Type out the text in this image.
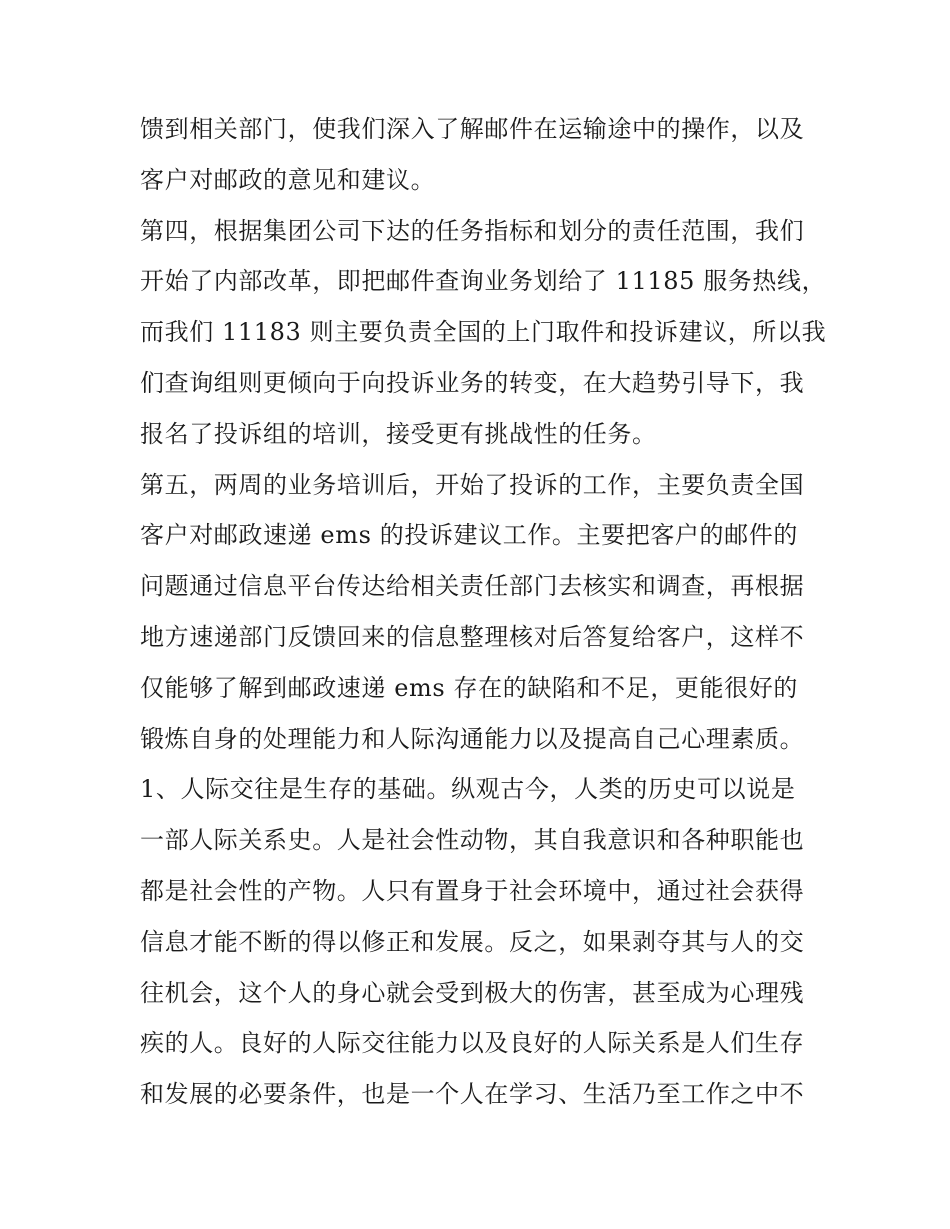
馈到相关部门，使我们深入了解邮件在运输途中的操作，以及
客户对邮政的意见和建议。
第四，根据集团公司下达的任务指标和划分的责任范围，我们
开始了内部改革，即把邮件查询业务划给了 11185 服务热线，
而我们 11183 则主要负责全国的上门取件和投诉建议，所以我
们查询组则更倾向于向投诉业务的转变，在大趋势引导下，我
报名了投诉组的培训，接受更有挑战性的任务。
第五，两周的业务培训后，开始了投诉的工作，主要负责全国
客户对邮政速递 ems 的投诉建议工作。主要把客户的邮件的
问题通过信息平台传达给相关责任部门去核实和调查，再根据
地方速递部门反馈回来的信息整理核对后答复给客户，这样不
仅能够了解到邮政速递 ems 存在的缺陷和不足，更能很好的
锻炼自身的处理能力和人际沟通能力以及提高自己心理素质。
1、人际交往是生存的基础。纵观古今，人类的历史可以说是
一部人际关系史。人是社会性动物，其自我意识和各种职能也
都是社会性的产物。人只有置身于社会环境中，通过社会获得
信息才能不断的得以修正和发展。反之，如果剥夺其与人的交
往机会，这个人的身心就会受到极大的伤害，甚至成为心理残
疾的人。良好的人际交往能力以及良好的人际关系是人们生存
和发展的必要条件，也是一个人在学习、生活乃至工作之中不
